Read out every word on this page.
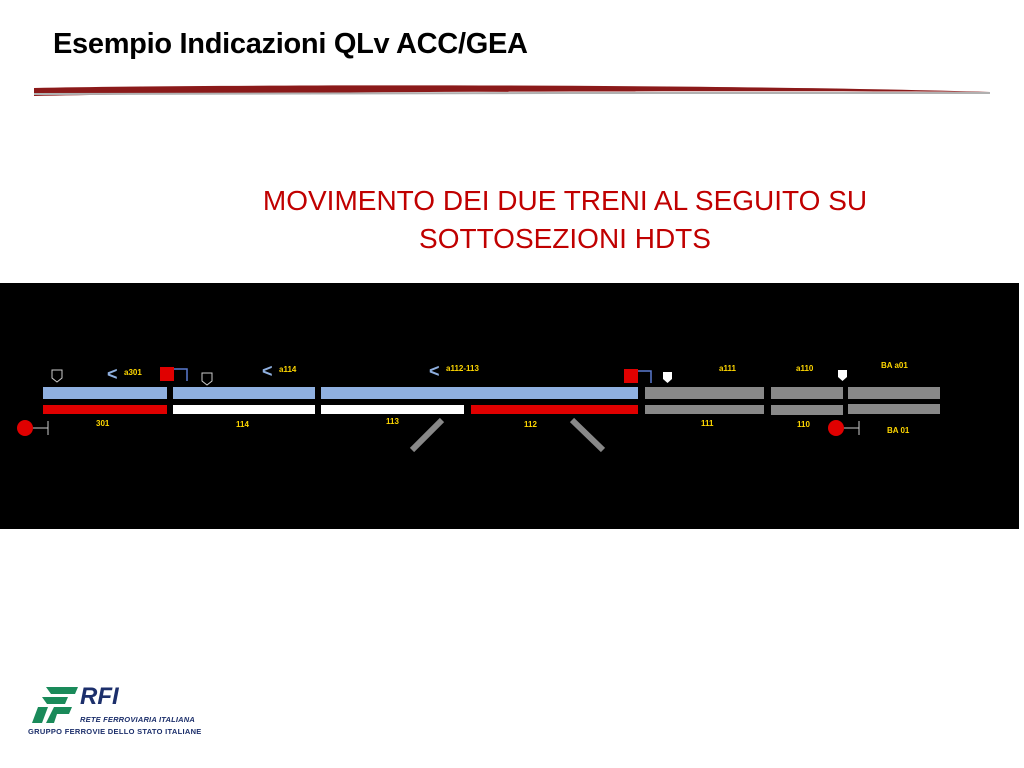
Esempio Indicazioni QLv ACC/GEA
MOVIMENTO DEI DUE TRENI AL SEGUITO SU
SOTTOSEZIONI HDTS
<	<	<
a301	a114	a112-113	a111	a110	BA a01
301	114	113	112	111	110
BA 01
RFI
RETE FERROVIARIA ITALIANA
GRUPPO FERROVIE DELLO STATO ITALIANE
